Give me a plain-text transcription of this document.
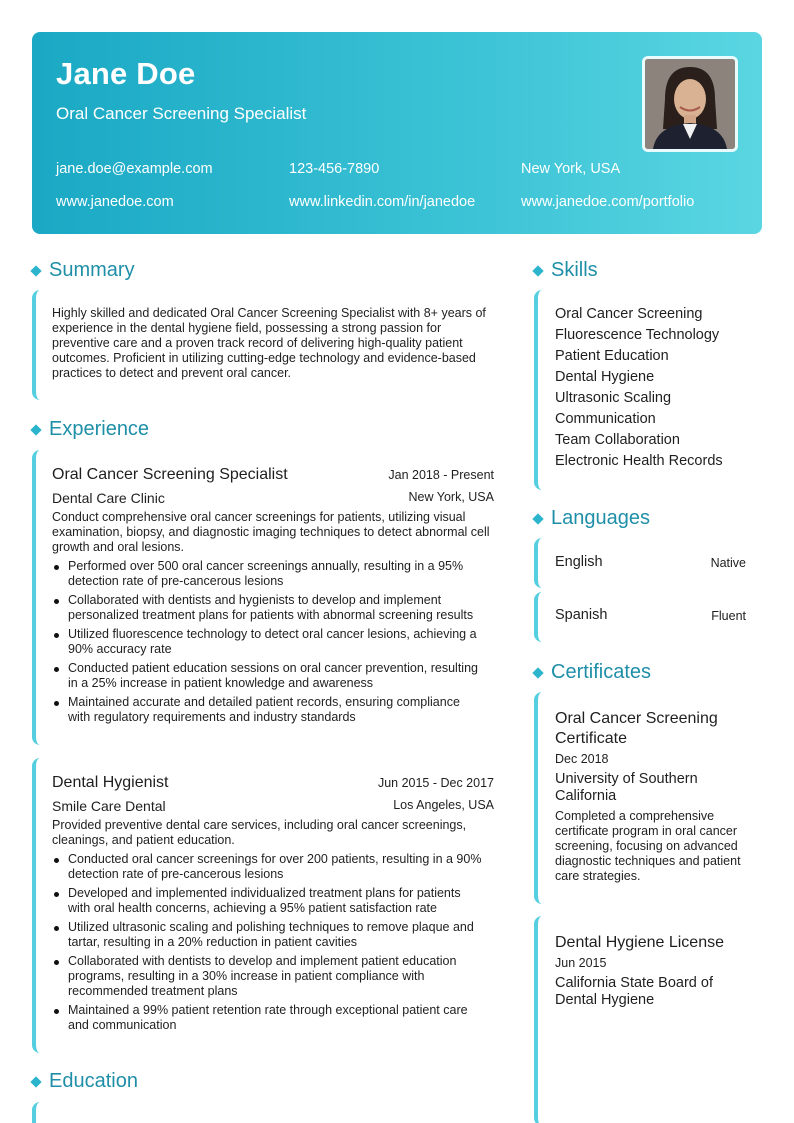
Jane Doe
Oral Cancer Screening Specialist
jane.doe@example.com	123-456-7890	New York, USA
www.janedoe.com	www.linkedin.com/in/janedoe	www.janedoe.com/portfolio
Summary
Highly skilled and dedicated Oral Cancer Screening Specialist with 8+ years of experience in the dental hygiene field, possessing a strong passion for preventive care and a proven track record of delivering high-quality patient outcomes. Proficient in utilizing cutting-edge technology and evidence-based practices to detect and prevent oral cancer.
Experience
Oral Cancer Screening Specialist	Jan 2018 - Present
Dental Care Clinic	New York, USA
Conduct comprehensive oral cancer screenings for patients, utilizing visual examination, biopsy, and diagnostic imaging techniques to detect abnormal cell growth and oral lesions.
Performed over 500 oral cancer screenings annually, resulting in a 95% detection rate of pre-cancerous lesions
Collaborated with dentists and hygienists to develop and implement personalized treatment plans for patients with abnormal screening results
Utilized fluorescence technology to detect oral cancer lesions, achieving a 90% accuracy rate
Conducted patient education sessions on oral cancer prevention, resulting in a 25% increase in patient knowledge and awareness
Maintained accurate and detailed patient records, ensuring compliance with regulatory requirements and industry standards
Dental Hygienist	Jun 2015 - Dec 2017
Smile Care Dental	Los Angeles, USA
Provided preventive dental care services, including oral cancer screenings, cleanings, and patient education.
Conducted oral cancer screenings for over 200 patients, resulting in a 90% detection rate of pre-cancerous lesions
Developed and implemented individualized treatment plans for patients with oral health concerns, achieving a 95% patient satisfaction rate
Utilized ultrasonic scaling and polishing techniques to remove plaque and tartar, resulting in a 20% reduction in patient cavities
Collaborated with dentists to develop and implement patient education programs, resulting in a 30% increase in patient compliance with recommended treatment plans
Maintained a 99% patient retention rate through exceptional patient care and communication
Education
Skills
Oral Cancer Screening
Fluorescence Technology
Patient Education
Dental Hygiene
Ultrasonic Scaling
Communication
Team Collaboration
Electronic Health Records
Languages
English	Native
Spanish	Fluent
Certificates
Oral Cancer Screening Certificate
Dec 2018
University of Southern California
Completed a comprehensive certificate program in oral cancer screening, focusing on advanced diagnostic techniques and patient care strategies.
Dental Hygiene License
Jun 2015
California State Board of Dental Hygiene
